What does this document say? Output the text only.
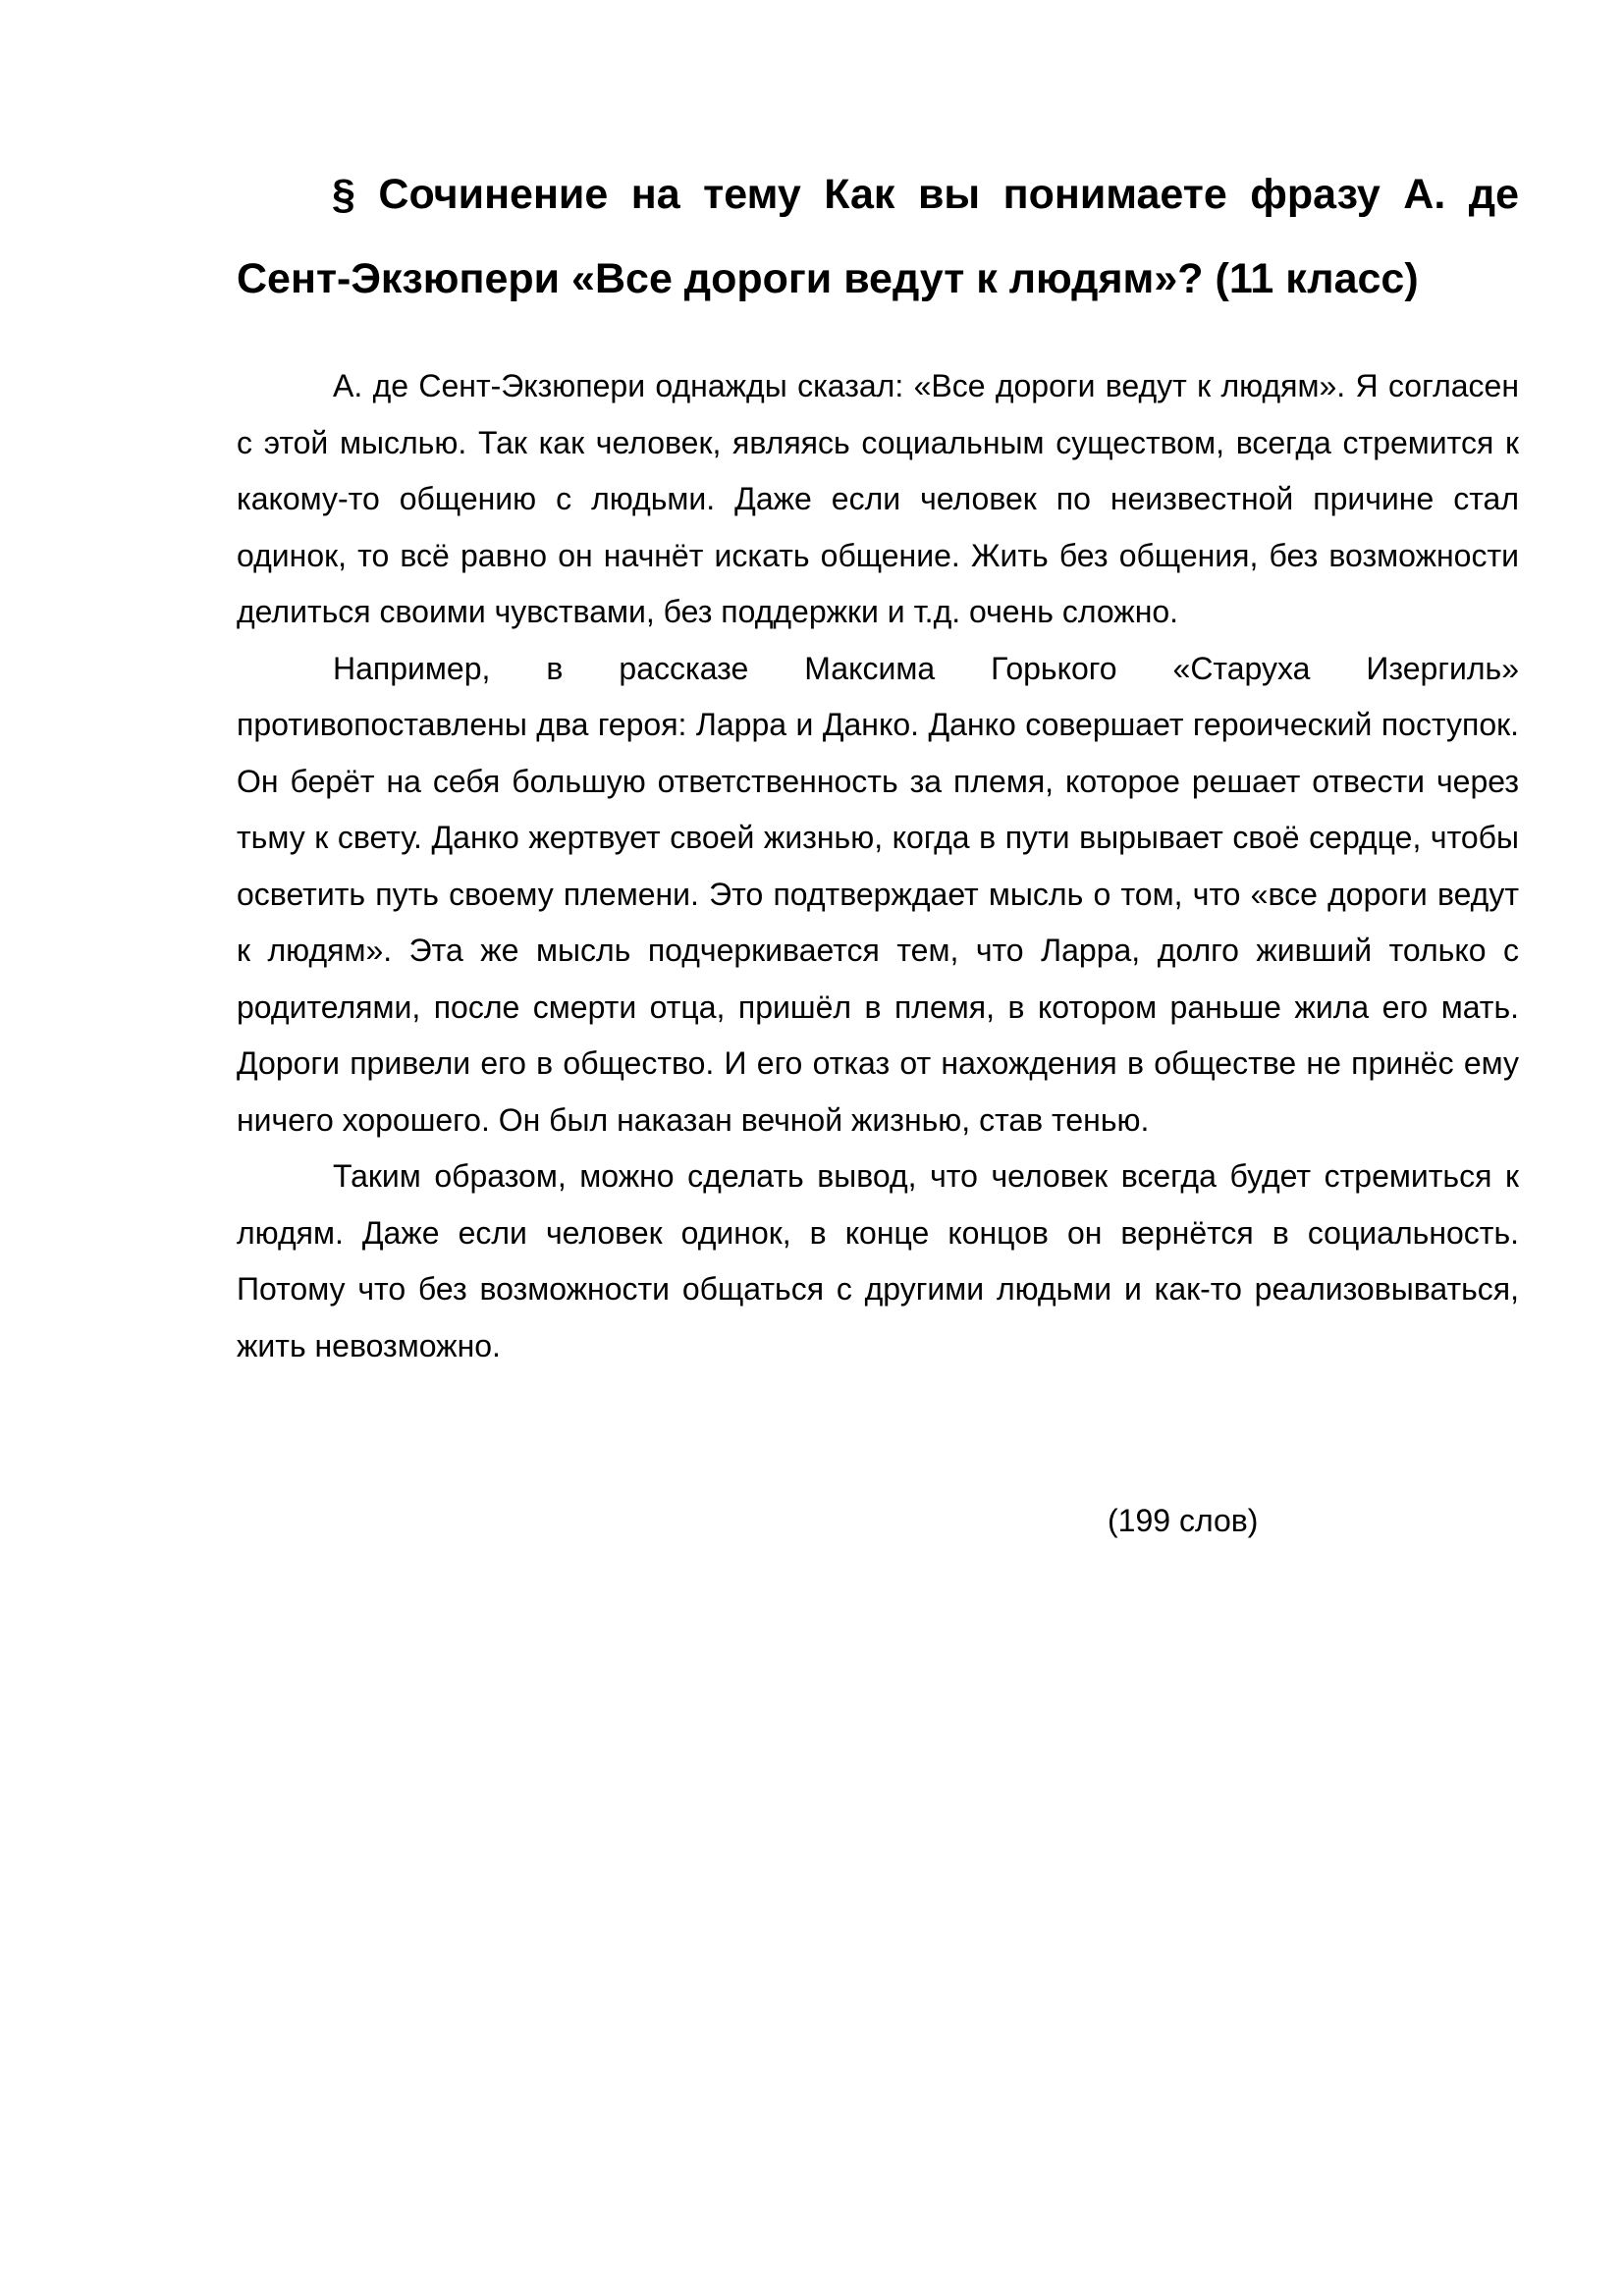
§ Сочинение на тему Как вы понимаете фразу А. де Сент-Экзюпери «Все дороги ведут к людям»? (11 класс)

А. де Сент-Экзюпери однажды сказал: «Все дороги ведут к людям». Я согласен с этой мыслью. Так как человек, являясь социальным существом, всегда стремится к какому-то общению с людьми. Даже если человек по неизвестной причине стал одинок, то всё равно он начнёт искать общение. Жить без общения, без возможности делиться своими чувствами, без поддержки и т.д. очень сложно.

Например, в рассказе Максима Горького «Старуха Изергиль» противопоставлены два героя: Ларра и Данко. Данко совершает героический поступок. Он берёт на себя большую ответственность за племя, которое решает отвести через тьму к свету. Данко жертвует своей жизнью, когда в пути вырывает своё сердце, чтобы осветить путь своему племени. Это подтверждает мысль о том, что «все дороги ведут к людям». Эта же мысль подчеркивается тем, что Ларра, долго живший только с родителями, после смерти отца, пришёл в племя, в котором раньше жила его мать. Дороги привели его в общество. И его отказ от нахождения в обществе не принёс ему ничего хорошего. Он был наказан вечной жизнью, став тенью.

Таким образом, можно сделать вывод, что человек всегда будет стремиться к людям. Даже если человек одинок, в конце концов он вернётся в социальность. Потому что без возможности общаться с другими людьми и как-то реализовываться, жить невозможно.

(199 слов)
